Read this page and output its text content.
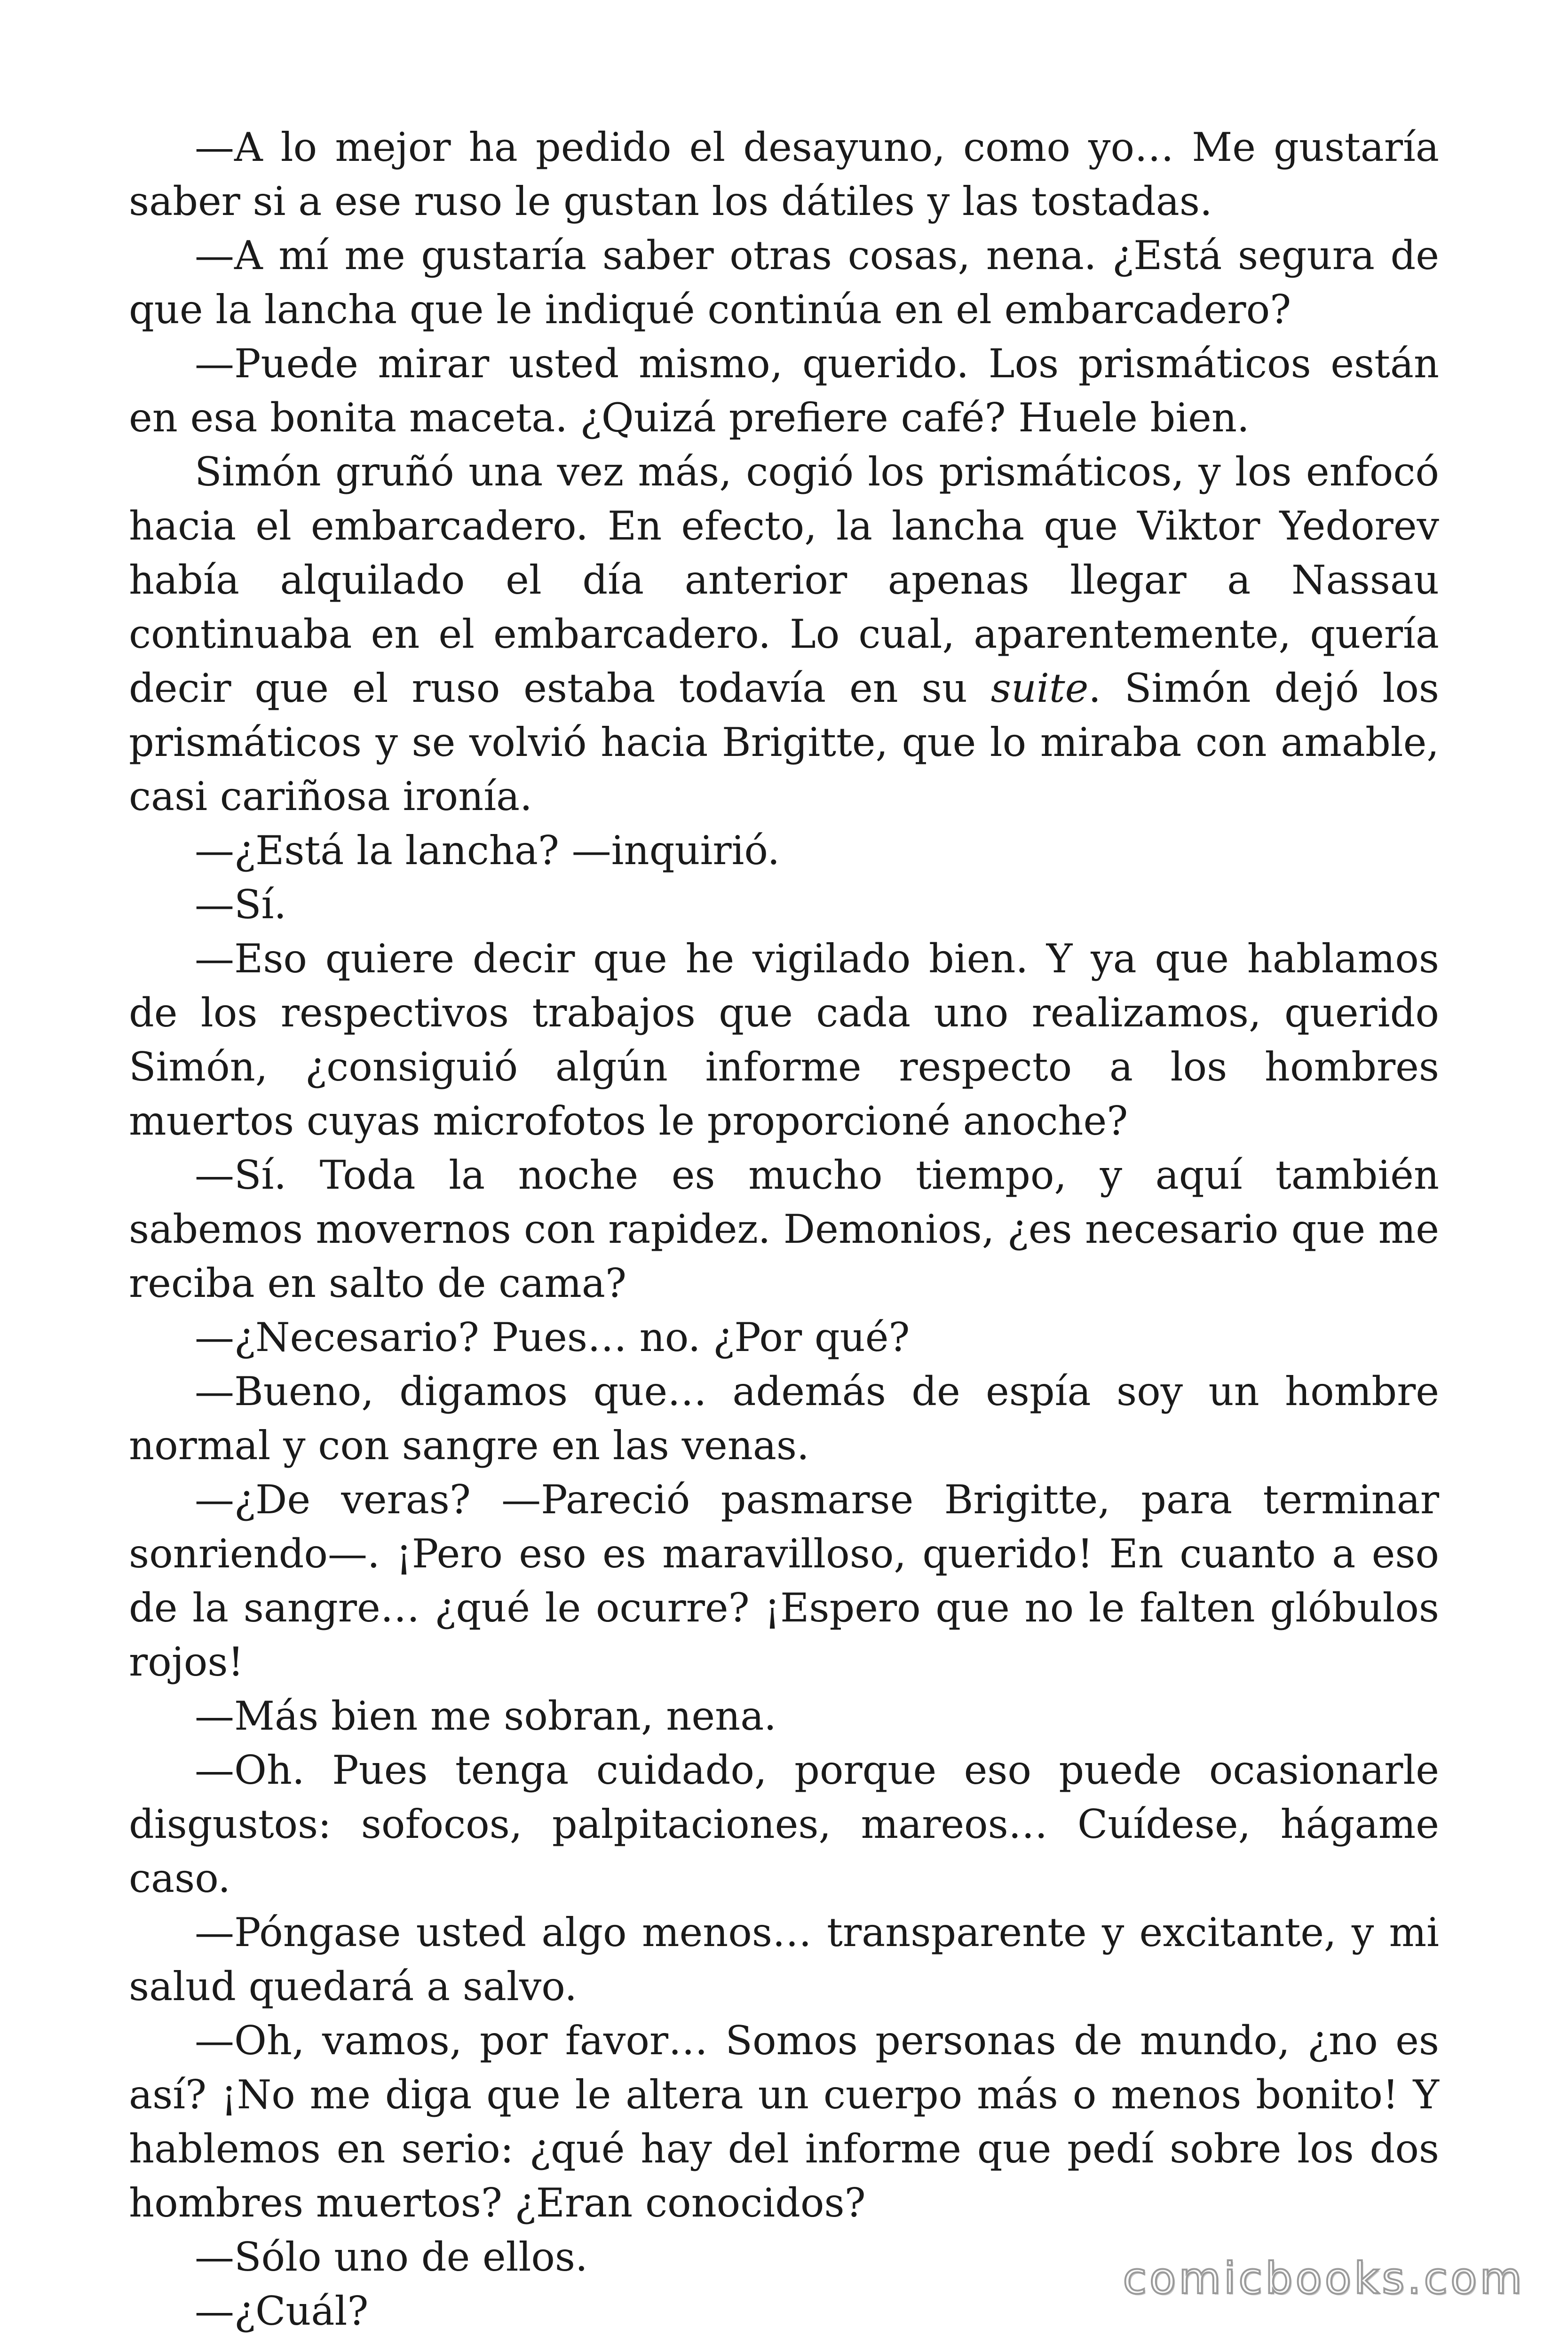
—A lo mejor ha pedido el desayuno, como yo… Me gustaría saber si a ese ruso le gustan los dátiles y las tostadas.

—A mí me gustaría saber otras cosas, nena. ¿Está segura de que la lancha que le indiqué continúa en el embarcadero?

—Puede mirar usted mismo, querido. Los prismáticos están en esa bonita maceta. ¿Quizá prefiere café? Huele bien.

Simón gruñó una vez más, cogió los prismáticos, y los enfocó hacia el embarcadero. En efecto, la lancha que Viktor Yedorev había alquilado el día anterior apenas llegar a Nassau continuaba en el embarcadero. Lo cual, aparentemente, quería decir que el ruso estaba todavía en su suite. Simón dejó los prismáticos y se volvió hacia Brigitte, que lo miraba con amable, casi cariñosa ironía.

—¿Está la lancha? —inquirió.

—Sí.

—Eso quiere decir que he vigilado bien. Y ya que hablamos de los respectivos trabajos que cada uno realizamos, querido Simón, ¿consiguió algún informe respecto a los hombres muertos cuyas microfotos le proporcioné anoche?

—Sí. Toda la noche es mucho tiempo, y aquí también sabemos movernos con rapidez. Demonios, ¿es necesario que me reciba en salto de cama?

—¿Necesario? Pues… no. ¿Por qué?

—Bueno, digamos que… además de espía soy un hombre normal y con sangre en las venas.

—¿De veras? —Pareció pasmarse Brigitte, para terminar sonriendo—. ¡Pero eso es maravilloso, querido! En cuanto a eso de la sangre… ¿qué le ocurre? ¡Espero que no le falten glóbulos rojos!

—Más bien me sobran, nena.

—Oh. Pues tenga cuidado, porque eso puede ocasionarle disgustos: sofocos, palpitaciones, mareos… Cuídese, hágame caso.

—Póngase usted algo menos… transparente y excitante, y mi salud quedará a salvo.

—Oh, vamos, por favor… Somos personas de mundo, ¿no es así? ¡No me diga que le altera un cuerpo más o menos bonito! Y hablemos en serio: ¿qué hay del informe que pedí sobre los dos hombres muertos? ¿Eran conocidos?

—Sólo uno de ellos.

—¿Cuál?

comicbooks.com
